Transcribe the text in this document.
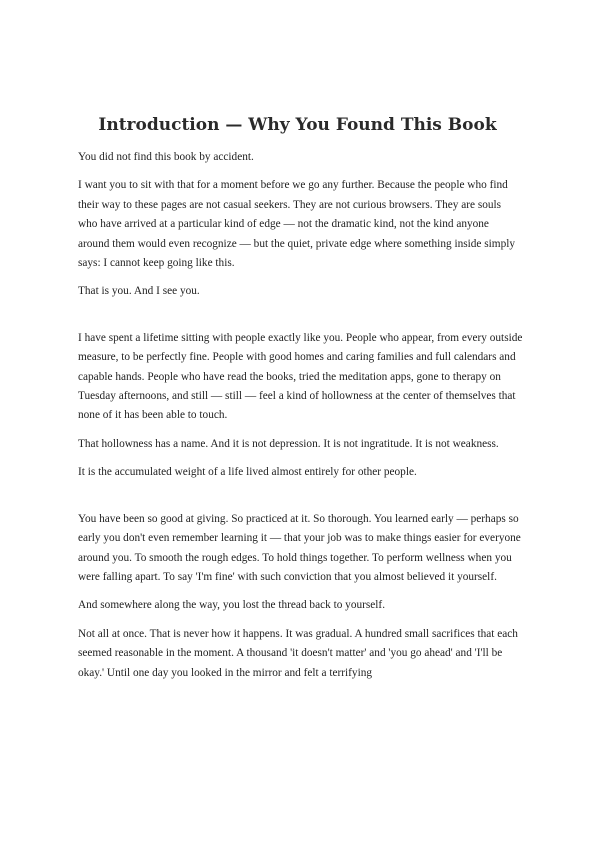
Introduction — Why You Found This Book

You did not find this book by accident.

I want you to sit with that for a moment before we go any further. Because the people who find their way to these pages are not casual seekers. They are not curious browsers. They are souls who have arrived at a particular kind of edge — not the dramatic kind, not the kind anyone around them would even recognize — but the quiet, private edge where something inside simply says: I cannot keep going like this.

That is you. And I see you.

I have spent a lifetime sitting with people exactly like you. People who appear, from every outside measure, to be perfectly fine. People with good homes and caring families and full calendars and capable hands. People who have read the books, tried the meditation apps, gone to therapy on Tuesday afternoons, and still — still — feel a kind of hollowness at the center of themselves that none of it has been able to touch.

That hollowness has a name. And it is not depression. It is not ingratitude. It is not weakness.

It is the accumulated weight of a life lived almost entirely for other people.

You have been so good at giving. So practiced at it. So thorough. You learned early — perhaps so early you don't even remember learning it — that your job was to make things easier for everyone around you. To smooth the rough edges. To hold things together. To perform wellness when you were falling apart. To say 'I'm fine' with such conviction that you almost believed it yourself.

And somewhere along the way, you lost the thread back to yourself.

Not all at once. That is never how it happens. It was gradual. A hundred small sacrifices that each seemed reasonable in the moment. A thousand 'it doesn't matter' and 'you go ahead' and 'I'll be okay.' Until one day you looked in the mirror and felt a terrifying
